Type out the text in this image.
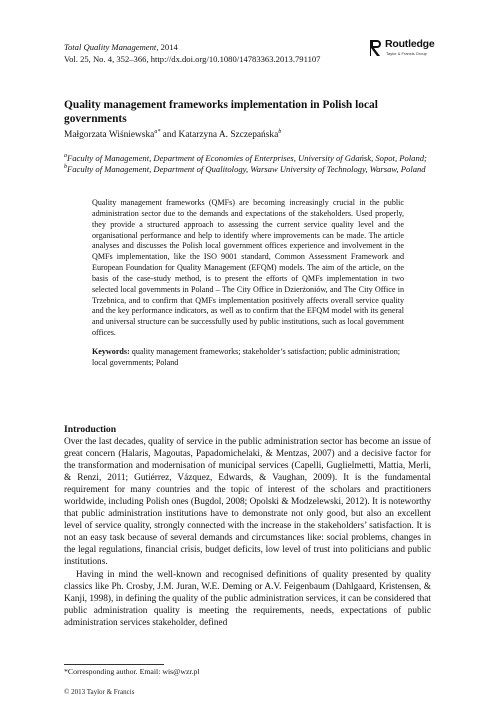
Total Quality Management, 2014
Vol. 25, No. 4, 352–366, http://dx.doi.org/10.1080/14783363.2013.791107
Routledge
Taylor & Francis Group
Quality management frameworks implementation in Polish local governments
Małgorzata Wiśniewska$^{a*}$ and Katarzyna A. Szczepańska$^b$
$^a$Faculty of Management, Department of Economies of Enterprises, University of Gdańsk, Sopot, Poland; $^b$Faculty of Management, Department of Qualitology, Warsaw University of Technology, Warsaw, Poland
Quality management frameworks (QMFs) are becoming increasingly crucial in the public administration sector due to the demands and expectations of the stakeholders. Used properly, they provide a structured approach to assessing the current service quality level and the organisational performance and help to identify where improvements can be made. The article analyses and discusses the Polish local government offices experience and involvement in the QMFs implementation, like the ISO 9001 standard, Common Assessment Framework and European Foundation for Quality Management (EFQM) models. The aim of the article, on the basis of the case-study method, is to present the efforts of QMFs implementation in two selected local governments in Poland – The City Office in Dzierżoniów, and The City Office in Trzebnica, and to confirm that QMFs implementation positively affects overall service quality and the key performance indicators, as well as to confirm that the EFQM model with its general and universal structure can be successfully used by public institutions, such as local government offices.
Keywords: quality management frameworks; stakeholder’s satisfaction; public administration; local governments; Poland
Introduction

Over the last decades, quality of service in the public administration sector has become an issue of great concern (Halaris, Magoutas, Papadomichelaki, & Mentzas, 2007) and a decisive factor for the transformation and modernisation of municipal services (Capelli, Guglielmetti, Mattia, Merli, & Renzi, 2011; Gutiérrez, Vázquez, Edwards, & Vaughan, 2009). It is the fundamental requirement for many countries and the topic of interest of the scholars and practitioners worldwide, including Polish ones (Bugdol, 2008; Opolski & Modzelewski, 2012). It is noteworthy that public administration institutions have to demonstrate not only good, but also an excellent level of service quality, strongly connected with the increase in the stakeholders’ satisfaction. It is not an easy task because of several demands and circumstances like: social problems, changes in the legal regulations, financial crisis, budget deficits, low level of trust into politicians and public institutions.

Having in mind the well-known and recognised definitions of quality presented by quality classics like Ph. Crosby, J.M. Juran, W.E. Deming or A.V. Feigenbaum (Dahlgaard, Kristensen, & Kanji, 1998), in defining the quality of the public administration services, it can be considered that public administration quality is meeting the requirements, needs, expectations of public administration services stakeholder, defined

*Corresponding author. Email: wis@wzr.pl
© 2013 Taylor & Francis
